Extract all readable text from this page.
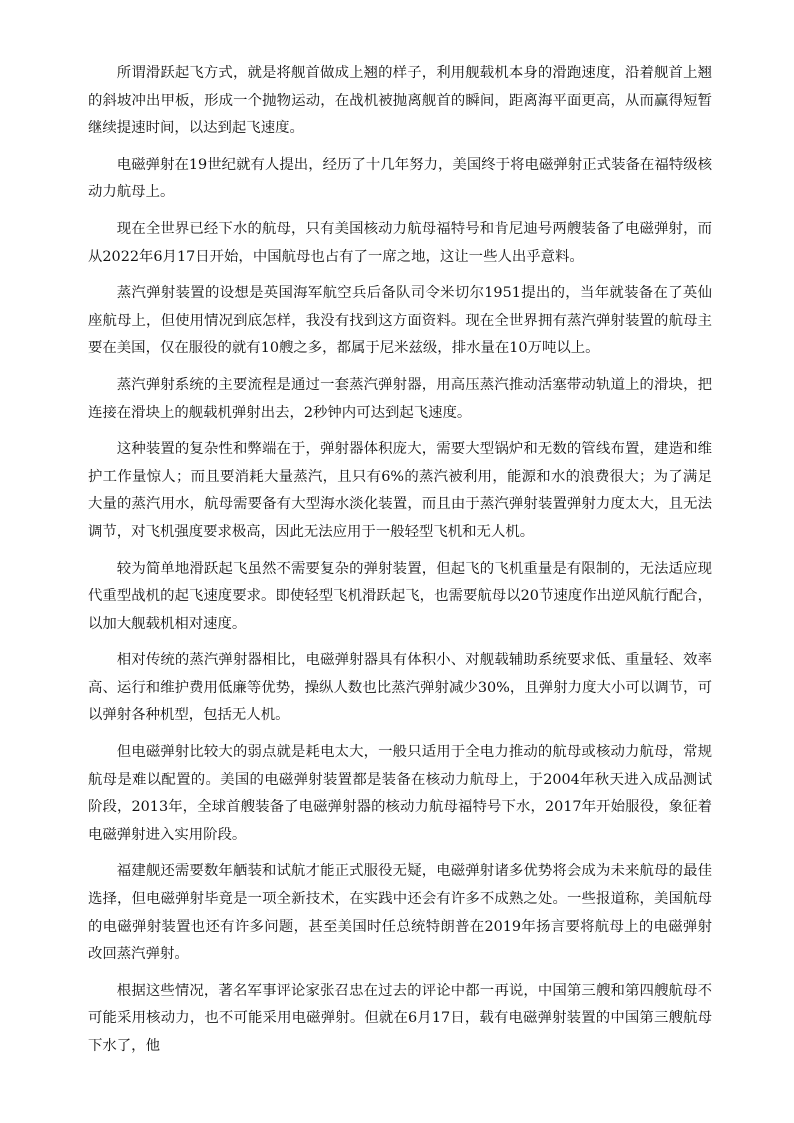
所谓滑跃起飞方式，就是将舰首做成上翘的样子，利用舰载机本身的滑跑速度，沿着舰首上翘的斜坡冲出甲板，形成一个抛物运动，在战机被抛离舰首的瞬间，距离海平面更高，从而赢得短暂继续提速时间，以达到起飞速度。

电磁弹射在19世纪就有人提出，经历了十几年努力，美国终于将电磁弹射正式装备在福特级核动力航母上。

现在全世界已经下水的航母，只有美国核动力航母福特号和肯尼迪号两艘装备了电磁弹射，而从2022年6月17日开始，中国航母也占有了一席之地，这让一些人出乎意料。

蒸汽弹射装置的设想是英国海军航空兵后备队司令米切尔1951提出的，当年就装备在了英仙座航母上，但使用情况到底怎样，我没有找到这方面资料。现在全世界拥有蒸汽弹射装置的航母主要在美国，仅在服役的就有10艘之多，都属于尼米兹级，排水量在10万吨以上。

蒸汽弹射系统的主要流程是通过一套蒸汽弹射器，用高压蒸汽推动活塞带动轨道上的滑块，把连接在滑块上的舰载机弹射出去，2秒钟内可达到起飞速度。

这种装置的复杂性和弊端在于，弹射器体积庞大，需要大型锅炉和无数的管线布置，建造和维护工作量惊人；而且要消耗大量蒸汽，且只有6%的蒸汽被利用，能源和水的浪费很大；为了满足大量的蒸汽用水，航母需要备有大型海水淡化装置，而且由于蒸汽弹射装置弹射力度太大，且无法调节，对飞机强度要求极高，因此无法应用于一般轻型飞机和无人机。

较为简单地滑跃起飞虽然不需要复杂的弹射装置，但起飞的飞机重量是有限制的，无法适应现代重型战机的起飞速度要求。即使轻型飞机滑跃起飞，也需要航母以20节速度作出逆风航行配合，以加大舰载机相对速度。

相对传统的蒸汽弹射器相比，电磁弹射器具有体积小、对舰载辅助系统要求低、重量轻、效率高、运行和维护费用低廉等优势，操纵人数也比蒸汽弹射减少30%，且弹射力度大小可以调节，可以弹射各种机型，包括无人机。

但电磁弹射比较大的弱点就是耗电太大，一般只适用于全电力推动的航母或核动力航母，常规航母是难以配置的。美国的电磁弹射装置都是装备在核动力航母上，于2004年秋天进入成品测试阶段，2013年，全球首艘装备了电磁弹射器的核动力航母福特号下水，2017年开始服役，象征着电磁弹射进入实用阶段。

福建舰还需要数年舾装和试航才能正式服役无疑，电磁弹射诸多优势将会成为未来航母的最佳选择，但电磁弹射毕竟是一项全新技术，在实践中还会有许多不成熟之处。一些报道称，美国航母的电磁弹射装置也还有许多问题，甚至美国时任总统特朗普在2019年扬言要将航母上的电磁弹射改回蒸汽弹射。

根据这些情况，著名军事评论家张召忠在过去的评论中都一再说，中国第三艘和第四艘航母不可能采用核动力，也不可能采用电磁弹射。但就在6月17日，载有电磁弹射装置的中国第三艘航母下水了，他
